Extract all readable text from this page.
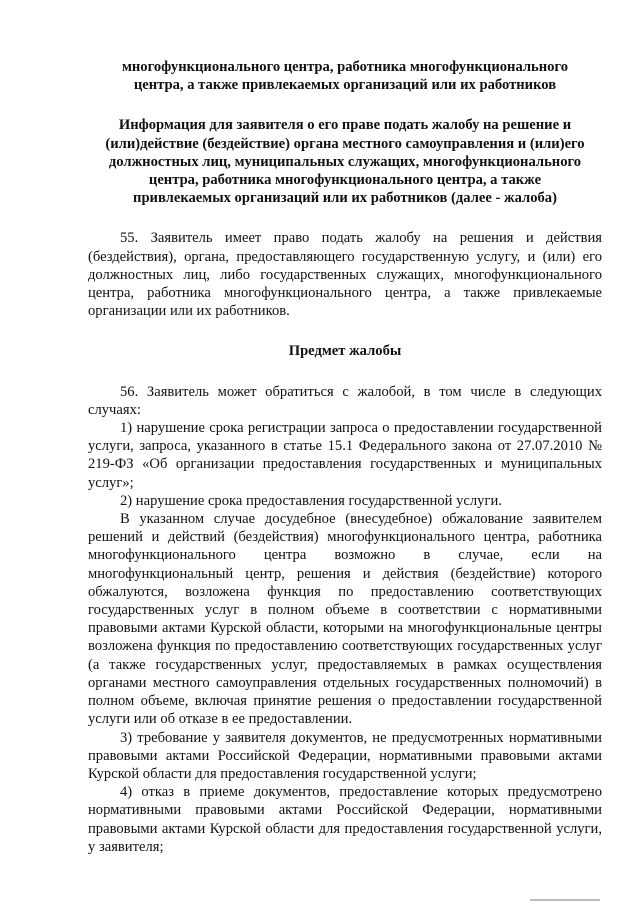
многофункционального центра, работника многофункционального
центра, а также привлекаемых организаций или их работников
Информация для заявителя о его праве подать жалобу на решение и
(или)действие (бездействие) органа местного самоуправления и (или)его
должностных лиц, муниципальных служащих, многофункционального
центра, работника многофункционального центра, а также
привлекаемых организаций или их работников (далее - жалоба)

55. Заявитель имеет право подать жалобу на решения и действия (бездействия), органа, предоставляющего государственную услугу, и (или) его должностных лиц, либо государственных служащих, многофункционального центра, работника многофункционального центра, а также привлекаемые организации или их работников.

Предмет жалобы

56. Заявитель может обратиться с жалобой, в том числе в следующих случаях:

1) нарушение срока регистрации запроса о предоставлении государственной услуги, запроса, указанного в статье 15.1 Федерального закона от 27.07.2010 № 219-ФЗ «Об организации предоставления государственных и муниципальных услуг»;

2) нарушение срока предоставления государственной услуги.

В указанном случае досудебное (внесудебное) обжалование заявителем решений и действий (бездействия) многофункционального центра, работника многофункционального центра возможно в случае, если на многофункциональный центр, решения и действия (бездействие) которого обжалуются, возложена функция по предоставлению соответствующих государственных услуг в полном объеме в соответствии с нормативными правовыми актами Курской области, которыми на многофункциональные центры возложена функция по предоставлению соответствующих государственных услуг (а также государственных услуг, предоставляемых в рамках осуществления органами местного самоуправления отдельных государственных полномочий) в полном объеме, включая принятие решения о предоставлении государственной услуги или об отказе в ее предоставлении.

3) требование у заявителя документов, не предусмотренных нормативными правовыми актами Российской Федерации, нормативными правовыми актами Курской области для предоставления государственной услуги;

4) отказ в приеме документов, предоставление которых предусмотрено нормативными правовыми актами Российской Федерации, нормативными правовыми актами Курской области для предоставления государственной услуги, у заявителя;
